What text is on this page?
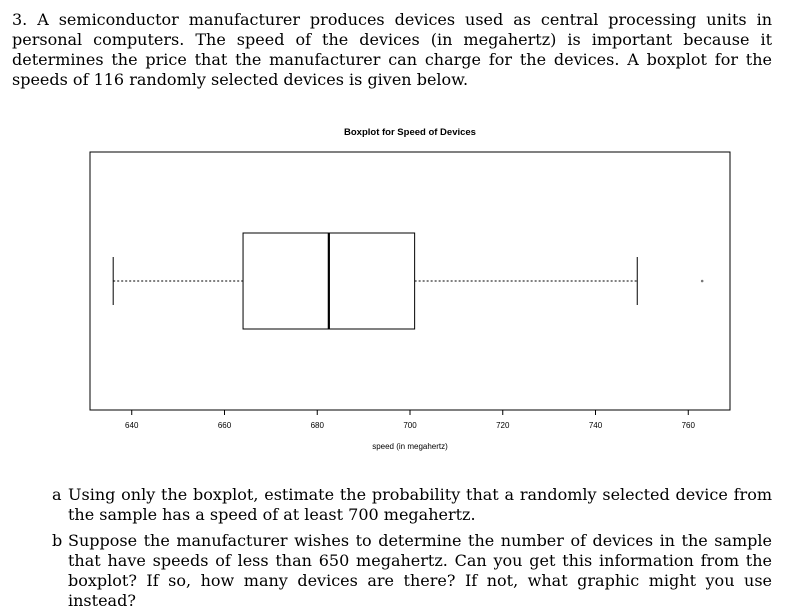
3. A semiconductor manufacturer produces devices used as central processing units in personal computers. The speed of the devices (in megahertz) is important because it determines the price that the manufacturer can charge for the devices. A boxplot for the speeds of 116 randomly selected devices is given below.
Boxplot for Speed of Devices
640	660	680	700	720	740	760
speed (in megahertz)
a Using only the boxplot, estimate the probability that a randomly selected device from the sample has a speed of at least 700 megahertz.
b Suppose the manufacturer wishes to determine the number of devices in the sample that have speeds of less than 650 megahertz. Can you get this information from the boxplot? If so, how many devices are there? If not, what graphic might you use instead?
